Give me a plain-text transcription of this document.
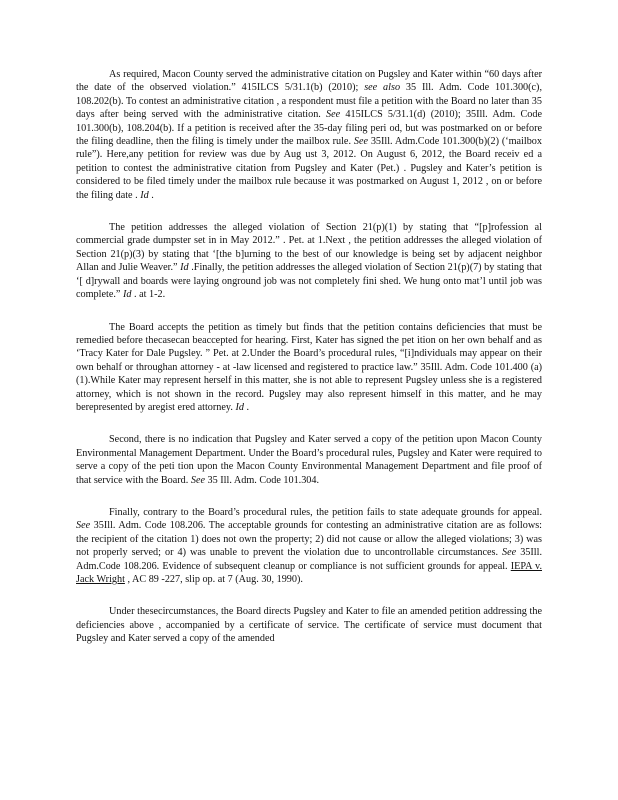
As required, Macon County served the administrative citation on Pugsley and Kater within “60 days after the date of the observed violation.” 415ILCS 5/31.1(b) (2010); see also 35 Ill. Adm. Code 101.300(c), 108.202(b). To contest an administrative citation , a respondent must file a petition with the Board no later than 35 days after being served with the administrative citation. See 415ILCS 5/31.1(d) (2010); 35Ill. Adm. Code 101.300(b), 108.204(b). If a petition is received after the 35-day filing peri od, but was postmarked on or before the filing deadline, then the filing is timely under the mailbox rule. See 35Ill. Adm.Code 101.300(b)(2) (‘mailbox rule”). Here,any petition for review was due by Aug ust 3, 2012. On August 6, 2012, the Board receiv ed a petition to contest the administrative citation from Pugsley and Kater (Pet.) . Pugsley and Kater’s petition is considered to be filed timely under the mailbox rule because it was postmarked on August 1, 2012 , on or before the filing date . Id .

The petition addresses the alleged violation of Section 21(p)(1) by stating that “[p]rofession al commercial grade dumpster set in in May 2012.” . Pet. at 1.Next , the petition addresses the alleged violation of Section 21(p)(3) by stating that ‘[the b]urning to the best of our knowledge is being set by adjacent neighbor Allan and Julie Weaver.” Id .Finally, the petition addresses the alleged violation of Section 21(p)(7) by stating that ‘[ d]rywall and boards were laying onground job was not completely fini shed. We hung onto mat’l until job was complete.” Id . at 1-2.

The Board accepts the petition as timely but finds that the petition contains deficiencies that must be remedied before thecasecan beaccepted for hearing. First, Kater has signed the pet ition on her own behalf and as ‘Tracy Kater for Dale Pugsley. ” Pet. at 2.Under the Board’s procedural rules, “[i]ndividuals may appear on their own behalf or throughan attorney - at -law licensed and registered to practice law.” 35Ill. Adm. Code 101.400 (a)(1).While Kater may represent herself in this matter, she is not able to represent Pugsley unless she is a registered attorney, which is not shown in the record. Pugsley may also represent himself in this matter, and he may berepresented by aregist ered attorney. Id .

Second, there is no indication that Pugsley and Kater served a copy of the petition upon Macon County Environmental Management Department. Under the Board’s procedural rules, Pugsley and Kater were required to serve a copy of the peti tion upon the Macon County Environmental Management Department and file proof of that service with the Board. See 35 Ill. Adm. Code 101.304.

Finally, contrary to the Board’s procedural rules, the petition fails to state adequate grounds for appeal. See 35Ill. Adm. Code 108.206. The acceptable grounds for contesting an administrative citation are as follows: the recipient of the citation 1) does not own the property; 2) did not cause or allow the alleged violations; 3) was not properly served; or 4) was unable to prevent the violation due to uncontrollable circumstances. See 35Ill. Adm.Code 108.206. Evidence of subsequent cleanup or compliance is not sufficient grounds for appeal. IEPA v. Jack Wright , AC 89 -227, slip op. at 7 (Aug. 30, 1990).

Under thesecircumstances, the Board directs Pugsley and Kater to file an amended petition addressing the deficiencies above , accompanied by a certificate of service. The certificate of service must document that Pugsley and Kater served a copy of the amended
